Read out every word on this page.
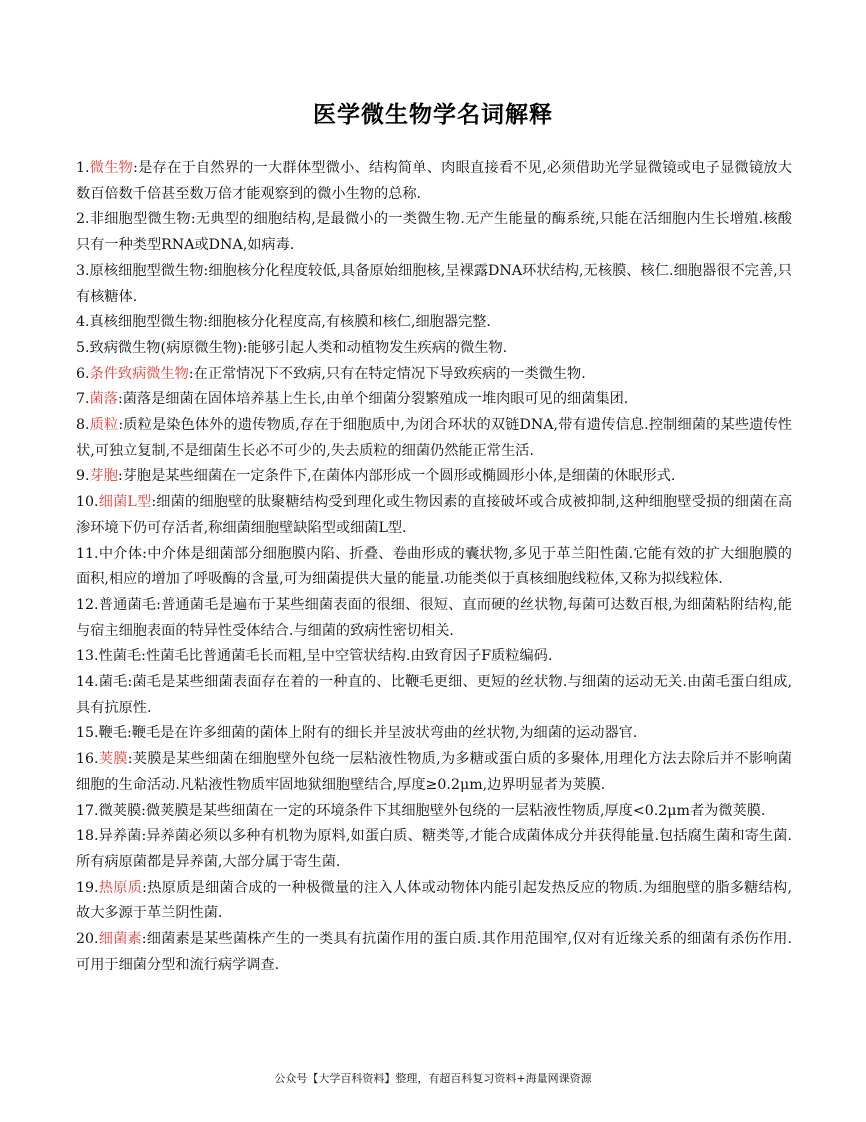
医学微生物学名词解释

1.微生物:是存在于自然界的一大群体型微小、结构简单、肉眼直接看不见,必须借助光学显微镜或电子显微镜放大数百倍数千倍甚至数万倍才能观察到的微小生物的总称.

2.非细胞型微生物:无典型的细胞结构,是最微小的一类微生物.无产生能量的酶系统,只能在活细胞内生长增殖.核酸只有一种类型RNA或DNA,如病毒.

3.原核细胞型微生物:细胞核分化程度较低,具备原始细胞核,呈裸露DNA环状结构,无核膜、核仁.细胞器很不完善,只有核糖体.

4.真核细胞型微生物:细胞核分化程度高,有核膜和核仁,细胞器完整.

5.致病微生物(病原微生物):能够引起人类和动植物发生疾病的微生物.

6.条件致病微生物:在正常情况下不致病,只有在特定情况下导致疾病的一类微生物.

7.菌落:菌落是细菌在固体培养基上生长,由单个细菌分裂繁殖成一堆肉眼可见的细菌集团.

8.质粒:质粒是染色体外的遗传物质,存在于细胞质中,为闭合环状的双链DNA,带有遗传信息.控制细菌的某些遗传性状,可独立复制,不是细菌生长必不可少的,失去质粒的细菌仍然能正常生活.

9.芽胞:芽胞是某些细菌在一定条件下,在菌体内部形成一个圆形或椭圆形小体,是细菌的休眠形式.

10.细菌L型:细菌的细胞壁的肽聚糖结构受到理化或生物因素的直接破坏或合成被抑制,这种细胞壁受损的细菌在高渗环境下仍可存活者,称细菌细胞壁缺陷型或细菌L型.

11.中介体:中介体是细菌部分细胞膜内陷、折叠、卷曲形成的囊状物,多见于革兰阳性菌.它能有效的扩大细胞膜的面积,相应的增加了呼吸酶的含量,可为细菌提供大量的能量.功能类似于真核细胞线粒体,又称为拟线粒体.

12.普通菌毛:普通菌毛是遍布于某些细菌表面的很细、很短、直而硬的丝状物,每菌可达数百根,为细菌粘附结构,能与宿主细胞表面的特异性受体结合.与细菌的致病性密切相关.

13.性菌毛:性菌毛比普通菌毛长而粗,呈中空管状结构.由致育因子F质粒编码.

14.菌毛:菌毛是某些细菌表面存在着的一种直的、比鞭毛更细、更短的丝状物.与细菌的运动无关.由菌毛蛋白组成,具有抗原性.

15.鞭毛:鞭毛是在许多细菌的菌体上附有的细长并呈波状弯曲的丝状物,为细菌的运动器官.

16.荚膜:荚膜是某些细菌在细胞壁外包绕一层粘液性物质,为多糖或蛋白质的多聚体,用理化方法去除后并不影响菌细胞的生命活动.凡粘液性物质牢固地狱细胞壁结合,厚度≥0.2μm,边界明显者为荚膜.

17.微荚膜:微荚膜是某些细菌在一定的环境条件下其细胞壁外包绕的一层粘液性物质,厚度<0.2μm者为微荚膜.

18.异养菌:异养菌必须以多种有机物为原料,如蛋白质、糖类等,才能合成菌体成分并获得能量.包括腐生菌和寄生菌.所有病原菌都是异养菌,大部分属于寄生菌.

19.热原质:热原质是细菌合成的一种极微量的注入人体或动物体内能引起发热反应的物质.为细胞壁的脂多糖结构,故大多源于革兰阴性菌.

20.细菌素:细菌素是某些菌株产生的一类具有抗菌作用的蛋白质.其作用范围窄,仅对有近缘关系的细菌有杀伤作用.可用于细菌分型和流行病学调查.

公众号【大学百科资料】整理，有超百科复习资料+海量网课资源
